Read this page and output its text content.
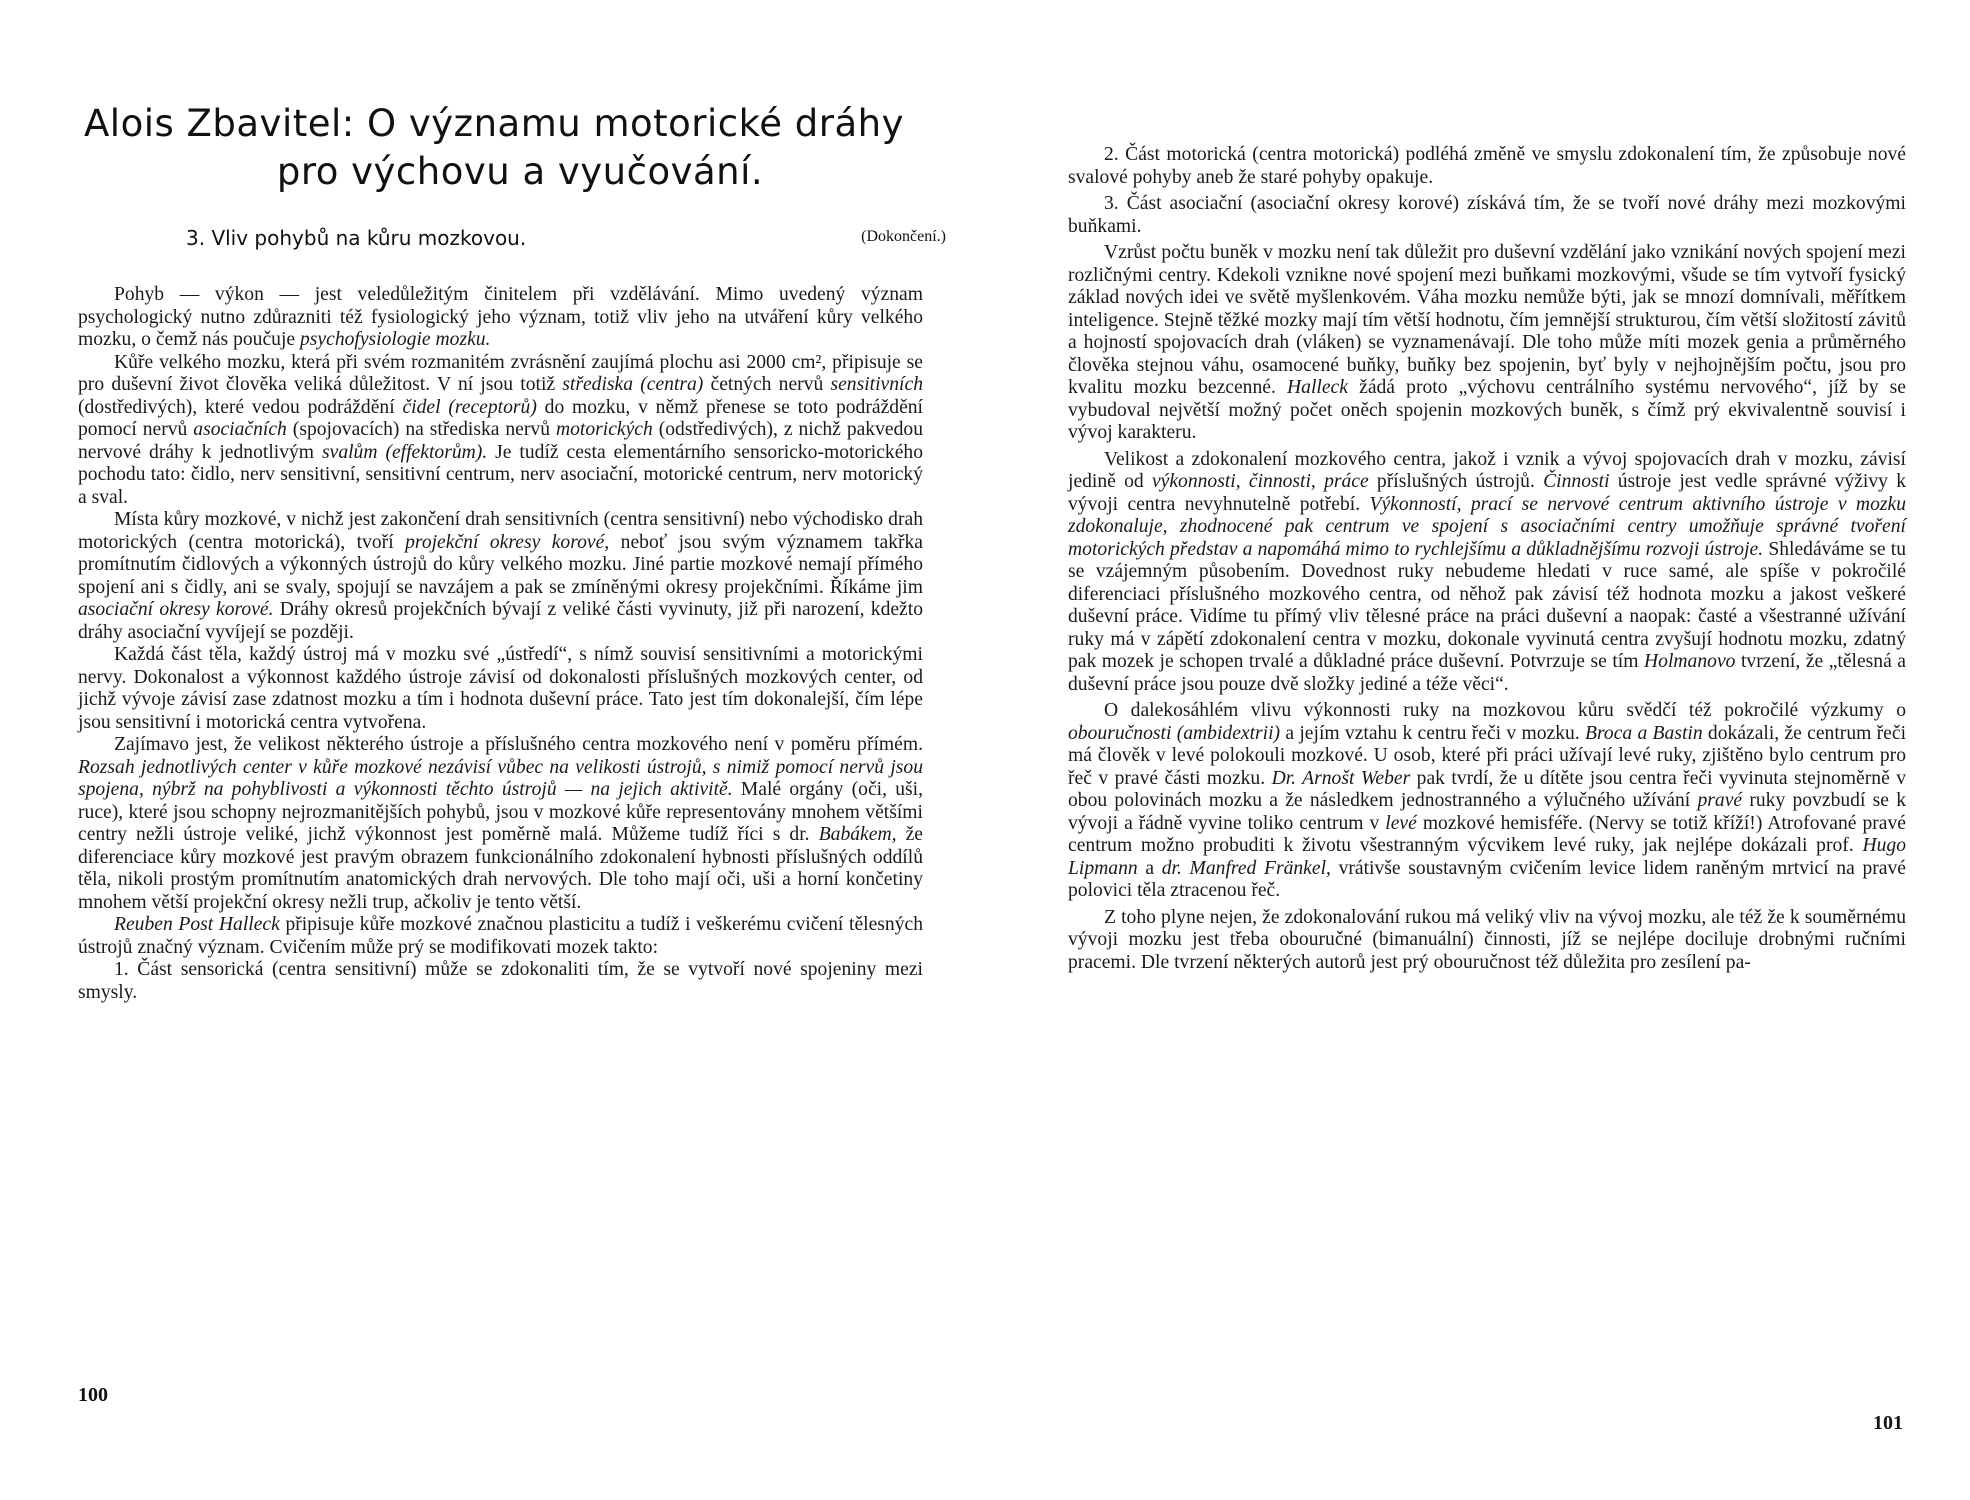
Alois Zbavitel: O významu motorické dráhy
pro výchovu a vyučování.
3. Vliv pohybů na kůru mozkovou.	(Dokončení.)

Pohyb — výkon — jest veledůležitým činitelem při vzdělávání. Mimo uvedený význam psychologický nutno zdůrazniti též fysiologický jeho význam, totiž vliv jeho na utváření kůry velkého mozku, o čemž nás poučuje psychofysiologie mozku.

Kůře velkého mozku, která při svém rozmanitém zvrásnění zaujímá plochu asi 2000 cm², připisuje se pro duševní život člověka veliká důležitost. V ní jsou totiž střediska (centra) četných nervů sensitivních (dostředivých), které vedou podráždění čidel (receptorů) do mozku, v němž přenese se toto podráždění pomocí nervů asociačních (spojovacích) na střediska nervů motorických (odstředivých), z nichž pakvedou nervové dráhy k jednotlivým svalům (effektorům). Je tudíž cesta elementárního sensoricko-motorického pochodu tato: čidlo, nerv sensitivní, sensitivní centrum, nerv asociační, motorické centrum, nerv motorický a sval.

Místa kůry mozkové, v nichž jest zakončení drah sensitivních (centra sensitivní) nebo východisko drah motorických (centra motorická), tvoří projekční okresy korové, neboť jsou svým významem takřka promítnutím čidlových a výkonných ústrojů do kůry velkého mozku. Jiné partie mozkové nemají přímého spojení ani s čidly, ani se svaly, spojují se navzájem a pak se zmíněnými okresy projekčními. Říkáme jim asociační okresy korové. Dráhy okresů projekčních bývají z veliké části vyvinuty, již při narození, kdežto dráhy asociační vyvíjejí se později.

Každá část těla, každý ústroj má v mozku své „ústředí“, s nímž souvisí sensitivními a motorickými nervy. Dokonalost a výkonnost každého ústroje závisí od dokonalosti příslušných mozkových center, od jichž vývoje závisí zase zdatnost mozku a tím i hodnota duševní práce. Tato jest tím dokonalejší, čím lépe jsou sensitivní i motorická centra vytvořena.

Zajímavo jest, že velikost některého ústroje a příslušného centra mozkového není v poměru přímém. Rozsah jednotlivých center v kůře mozkové nezávisí vůbec na velikosti ústrojů, s nimiž pomocí nervů jsou spojena, nýbrž na pohyblivosti a výkonnosti těchto ústrojů — na jejich aktivitě. Malé orgány (oči, uši, ruce), které jsou schopny nejrozmanitějších pohybů, jsou v mozkové kůře representovány mnohem většími centry nežli ústroje veliké, jichž výkonnost jest poměrně malá. Můžeme tudíž říci s dr. Babákem, že diferenciace kůry mozkové jest pravým obrazem funkcionálního zdokonalení hybnosti příslušných oddílů těla, nikoli prostým promítnutím anatomických drah nervových. Dle toho mají oči, uši a horní končetiny mnohem větší projekční okresy nežli trup, ačkoliv je tento větší.

Reuben Post Halleck připisuje kůře mozkové značnou plasticitu a tudíž i veškerému cvičení tělesných ústrojů značný význam. Cvičením může prý se modifikovati mozek takto:

1. Část sensorická (centra sensitivní) může se zdokonaliti tím, že se vytvoří nové spojeniny mezi smysly.

100

2. Část motorická (centra motorická) podléhá změně ve smyslu zdokonalení tím, že způsobuje nové svalové pohyby aneb že staré pohyby opakuje.

3. Část asociační (asociační okresy korové) získává tím, že se tvoří nové dráhy mezi mozkovými buňkami.

Vzrůst počtu buněk v mozku není tak důležit pro duševní vzdělání jako vznikání nových spojení mezi rozličnými centry. Kdekoli vznikne nové spojení mezi buňkami mozkovými, všude se tím vytvoří fysický základ nových idei ve světě myšlenkovém. Váha mozku nemůže býti, jak se mnozí domnívali, měřítkem inteligence. Stejně těžké mozky mají tím větší hodnotu, čím jemnější strukturou, čím větší složitostí závitů a hojností spojovacích drah (vláken) se vyznamenávají. Dle toho může míti mozek genia a průměrného člověka stejnou váhu, osamocené buňky, buňky bez spojenin, byť byly v nejhojnějším počtu, jsou pro kvalitu mozku bezcenné. Halleck žádá proto „výchovu centrálního systému nervového“, jíž by se vybudoval největší možný počet oněch spojenin mozkových buněk, s čímž prý ekvivalentně souvisí i vývoj karakteru.

Velikost a zdokonalení mozkového centra, jakož i vznik a vývoj spojovacích drah v mozku, závisí jedině od výkonnosti, činnosti, práce příslušných ústrojů. Činnosti ústroje jest vedle správné výživy k vývoji centra nevyhnutelně potřebí. Výkonností, prací se nervové centrum aktivního ústroje v mozku zdokonaluje, zhodnocené pak centrum ve spojení s asociačními centry umožňuje správné tvoření motorických představ a napomáhá mimo to rychlejšímu a důkladnějšímu rozvoji ústroje. Shledáváme se tu se vzájemným působením. Dovednost ruky nebudeme hledati v ruce samé, ale spíše v pokročilé diferenciaci příslušného mozkového centra, od něhož pak závisí též hodnota mozku a jakost veškeré duševní práce. Vidíme tu přímý vliv tělesné práce na práci duševní a naopak: časté a všestranné užívání ruky má v zápětí zdokonalení centra v mozku, dokonale vyvinutá centra zvyšují hodnotu mozku, zdatný pak mozek je schopen trvalé a důkladné práce duševní. Potvrzuje se tím Holmanovo tvrzení, že „tělesná a duševní práce jsou pouze dvě složky jediné a téže věci“.

O dalekosáhlém vlivu výkonnosti ruky na mozkovou kůru svědčí též pokročilé výzkumy o obouručnosti (ambidextrii) a jejím vztahu k centru řeči v mozku. Broca a Bastin dokázali, že centrum řeči má člověk v levé polokouli mozkové. U osob, které při práci užívají levé ruky, zjištěno bylo centrum pro řeč v pravé části mozku. Dr. Arnošt Weber pak tvrdí, že u dítěte jsou centra řeči vyvinuta stejnoměrně v obou polovinách mozku a že následkem jednostranného a výlučného užívání pravé ruky povzbudí se k vývoji a řádně vyvine toliko centrum v levé mozkové hemisféře. (Nervy se totiž kříží!) Atrofované pravé centrum možno probuditi k životu všestranným výcvikem levé ruky, jak nejlépe dokázali prof. Hugo Lipmann a dr. Manfred Fränkel, vrátivše soustavným cvičením levice lidem raněným mrtvicí na pravé polovici těla ztracenou řeč.

Z toho plyne nejen, že zdokonalování rukou má veliký vliv na vývoj mozku, ale též že k souměrnému vývoji mozku jest třeba obouručné (bimanuální) činnosti, jíž se nejlépe dociluje drobnými ručními pracemi. Dle tvrzení některých autorů jest prý obouručnost též důležita pro zesílení pa-

101
